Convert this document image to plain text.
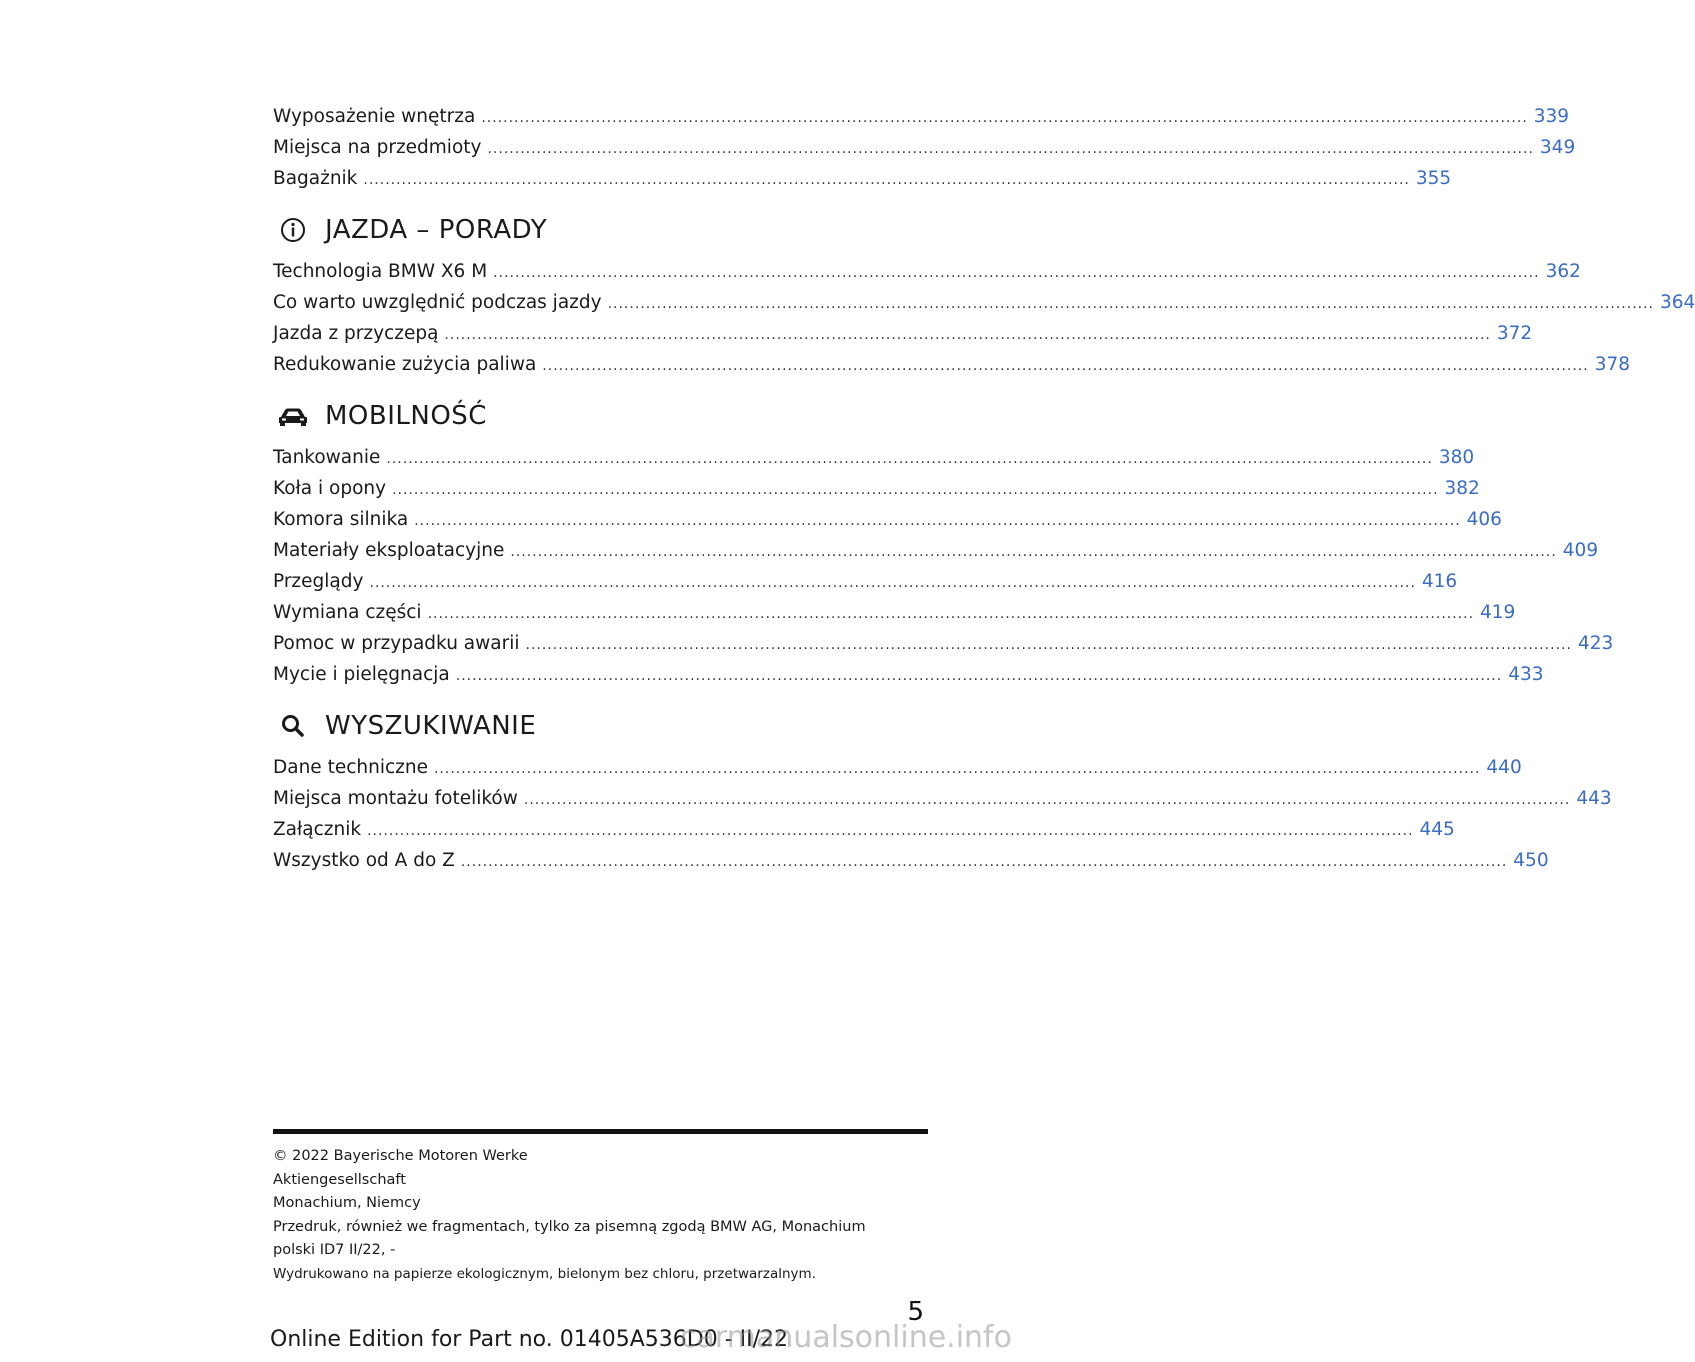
Wyposażenie wnętrza .....	339
Miejsca na przedmioty .....	349
Bagażnik .....	355
JAZDA – PORADY
Technologia BMW X6 M .....	362
Co warto uwzględnić podczas jazdy .....	364
Jazda z przyczepą .....	372
Redukowanie zużycia paliwa .....	378
MOBILNOŚĆ
Tankowanie .....	380
Koła i opony .....	382
Komora silnika .....	406
Materiały eksploatacyjne .....	409
Przeglądy .....	416
Wymiana części .....	419
Pomoc w przypadku awarii .....	423
Mycie i pielęgnacja .....	433
WYSZUKIWANIE
Dane techniczne .....	440
Miejsca montażu fotelików .....	443
Załącznik .....	445
Wszystko od A do Z .....	450
© 2022 Bayerische Motoren Werke
Aktiengesellschaft
Monachium, Niemcy
Przedruk, również we fragmentach, tylko za pisemną zgodą BMW AG, Monachium
polski ID7 II/22, -
Wydrukowano na papierze ekologicznym, bielonym bez chloru, przetwarzalnym.
5
Online Edition for Part no. 01405A536D0 - II/22
carmanualsonline.info
